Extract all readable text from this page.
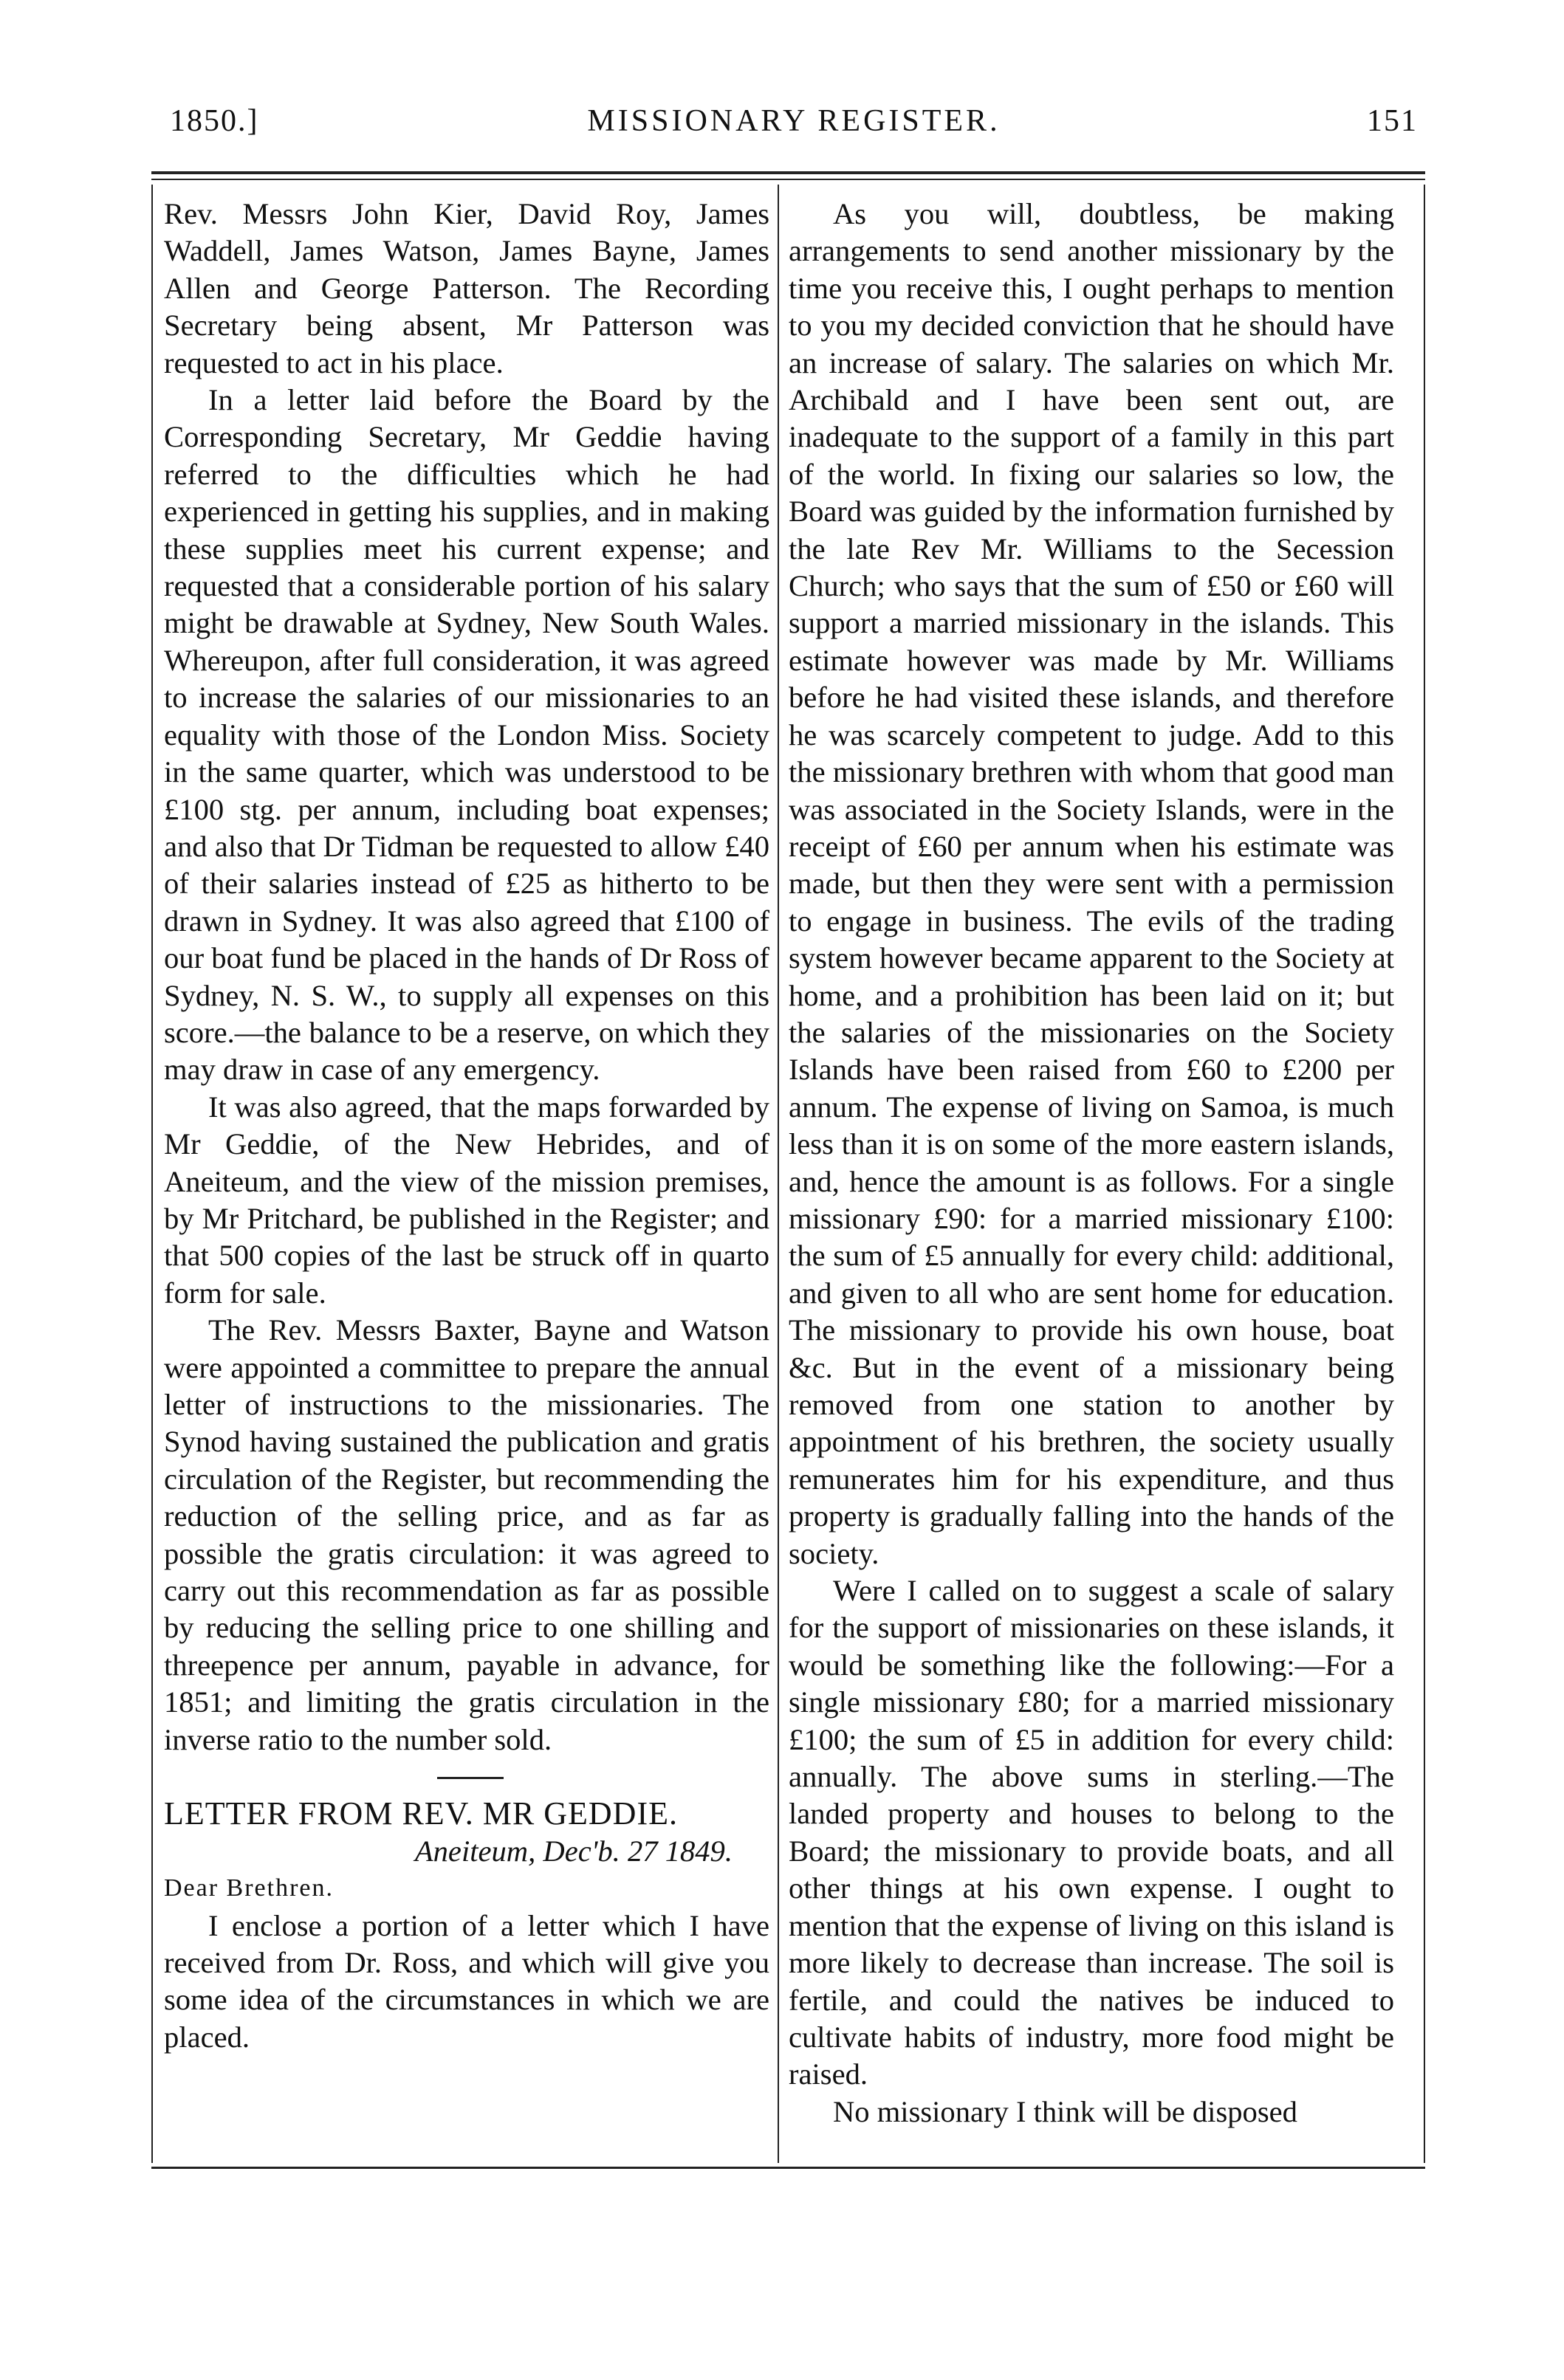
1850.]	MISSIONARY REGISTER.	151

Rev. Messrs John Kier, David Roy, James Waddell, James Watson, James Bayne, James Allen and George Patterson. The Recording Secretary being absent, Mr Patterson was requested to act in his place.

In a letter laid before the Board by the Corresponding Secretary, Mr Geddie having referred to the difficulties which he had experienced in getting his supplies, and in making these supplies meet his current expense; and requested that a considerable portion of his salary might be drawable at Sydney, New South Wales. Whereupon, after full consideration, it was agreed to increase the salaries of our missionaries to an equality with those of the London Miss. Society in the same quarter, which was understood to be £100 stg. per annum, including boat expenses; and also that Dr Tidman be requested to allow £40 of their salaries instead of £25 as hitherto to be drawn in Sydney. It was also agreed that £100 of our boat fund be placed in the hands of Dr Ross of Sydney, N. S. W., to supply all expenses on this score.—the balance to be a reserve, on which they may draw in case of any emergency.

It was also agreed, that the maps forwarded by Mr Geddie, of the New Hebrides, and of Aneiteum, and the view of the mission premises, by Mr Pritchard, be published in the Register; and that 500 copies of the last be struck off in quarto form for sale.

The Rev. Messrs Baxter, Bayne and Watson were appointed a committee to prepare the annual letter of instructions to the missionaries. The Synod having sustained the publication and gratis circulation of the Register, but recommending the reduction of the selling price, and as far as possible the gratis circulation: it was agreed to carry out this recommendation as far as possible by reducing the selling price to one shilling and threepence per annum, payable in advance, for 1851; and limiting the gratis circulation in the inverse ratio to the number sold.

LETTER FROM REV. MR GEDDIE.

Aneiteum, Dec'b. 27 1849.

Dear Brethren.

I enclose a portion of a letter which I have received from Dr. Ross, and which will give you some idea of the circumstances in which we are placed.

As you will, doubtless, be making arrangements to send another missionary by the time you receive this, I ought perhaps to mention to you my decided conviction that he should have an increase of salary. The salaries on which Mr. Archibald and I have been sent out, are inadequate to the support of a family in this part of the world. In fixing our salaries so low, the Board was guided by the information furnished by the late Rev Mr. Williams to the Secession Church; who says that the sum of £50 or £60 will support a married missionary in the islands. This estimate however was made by Mr. Williams before he had visited these islands, and therefore he was scarcely competent to judge. Add to this the missionary brethren with whom that good man was associated in the Society Islands, were in the receipt of £60 per annum when his estimate was made, but then they were sent with a permission to engage in business. The evils of the trading system however became apparent to the Society at home, and a prohibition has been laid on it; but the salaries of the missionaries on the Society Islands have been raised from £60 to £200 per annum. The expense of living on Samoa, is much less than it is on some of the more eastern islands, and, hence the amount is as follows. For a single missionary £90: for a married missionary £100: the sum of £5 annually for every child: additional, and given to all who are sent home for education. The missionary to provide his own house, boat &c. But in the event of a missionary being removed from one station to another by appointment of his brethren, the society usually remunerates him for his expenditure, and thus property is gradually falling into the hands of the society.

Were I called on to suggest a scale of salary for the support of missionaries on these islands, it would be something like the following:—For a single missionary £80; for a married missionary £100; the sum of £5 in addition for every child: annually. The above sums in sterling.—The landed property and houses to belong to the Board; the missionary to provide boats, and all other things at his own expense. I ought to mention that the expense of living on this island is more likely to decrease than increase. The soil is fertile, and could the natives be induced to cultivate habits of industry, more food might be raised.

No missionary I think will be disposed
